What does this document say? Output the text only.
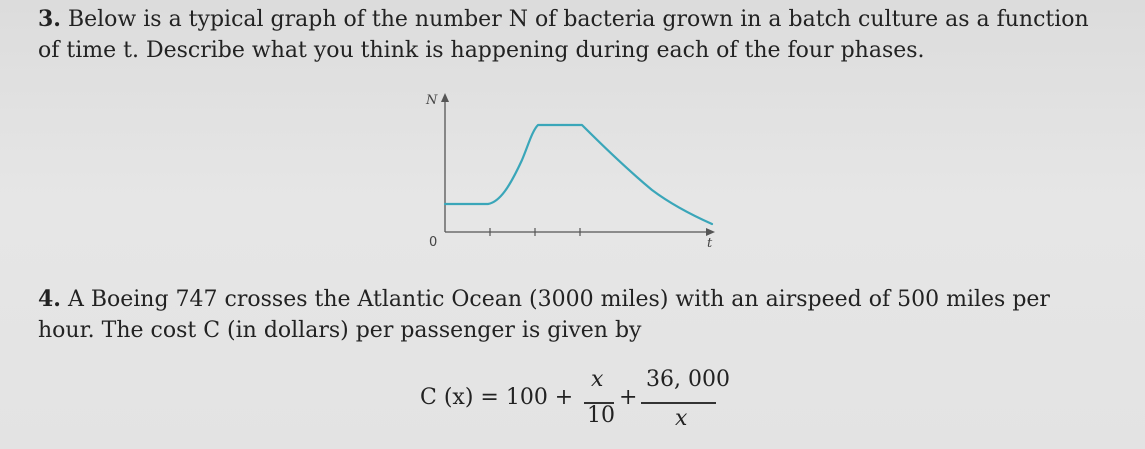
3. Below is a typical graph of the number N of bacteria grown in a batch culture as a function
of time t. Describe what you think is happening during each of the four phases.
N
0	t
4. A Boeing 747 crosses the Atlantic Ocean (3000 miles) with an airspeed of 500 miles per
hour. The cost C (in dollars) per passenger is given by
C (x) = 100 +
x
10
+
36, 000
x
